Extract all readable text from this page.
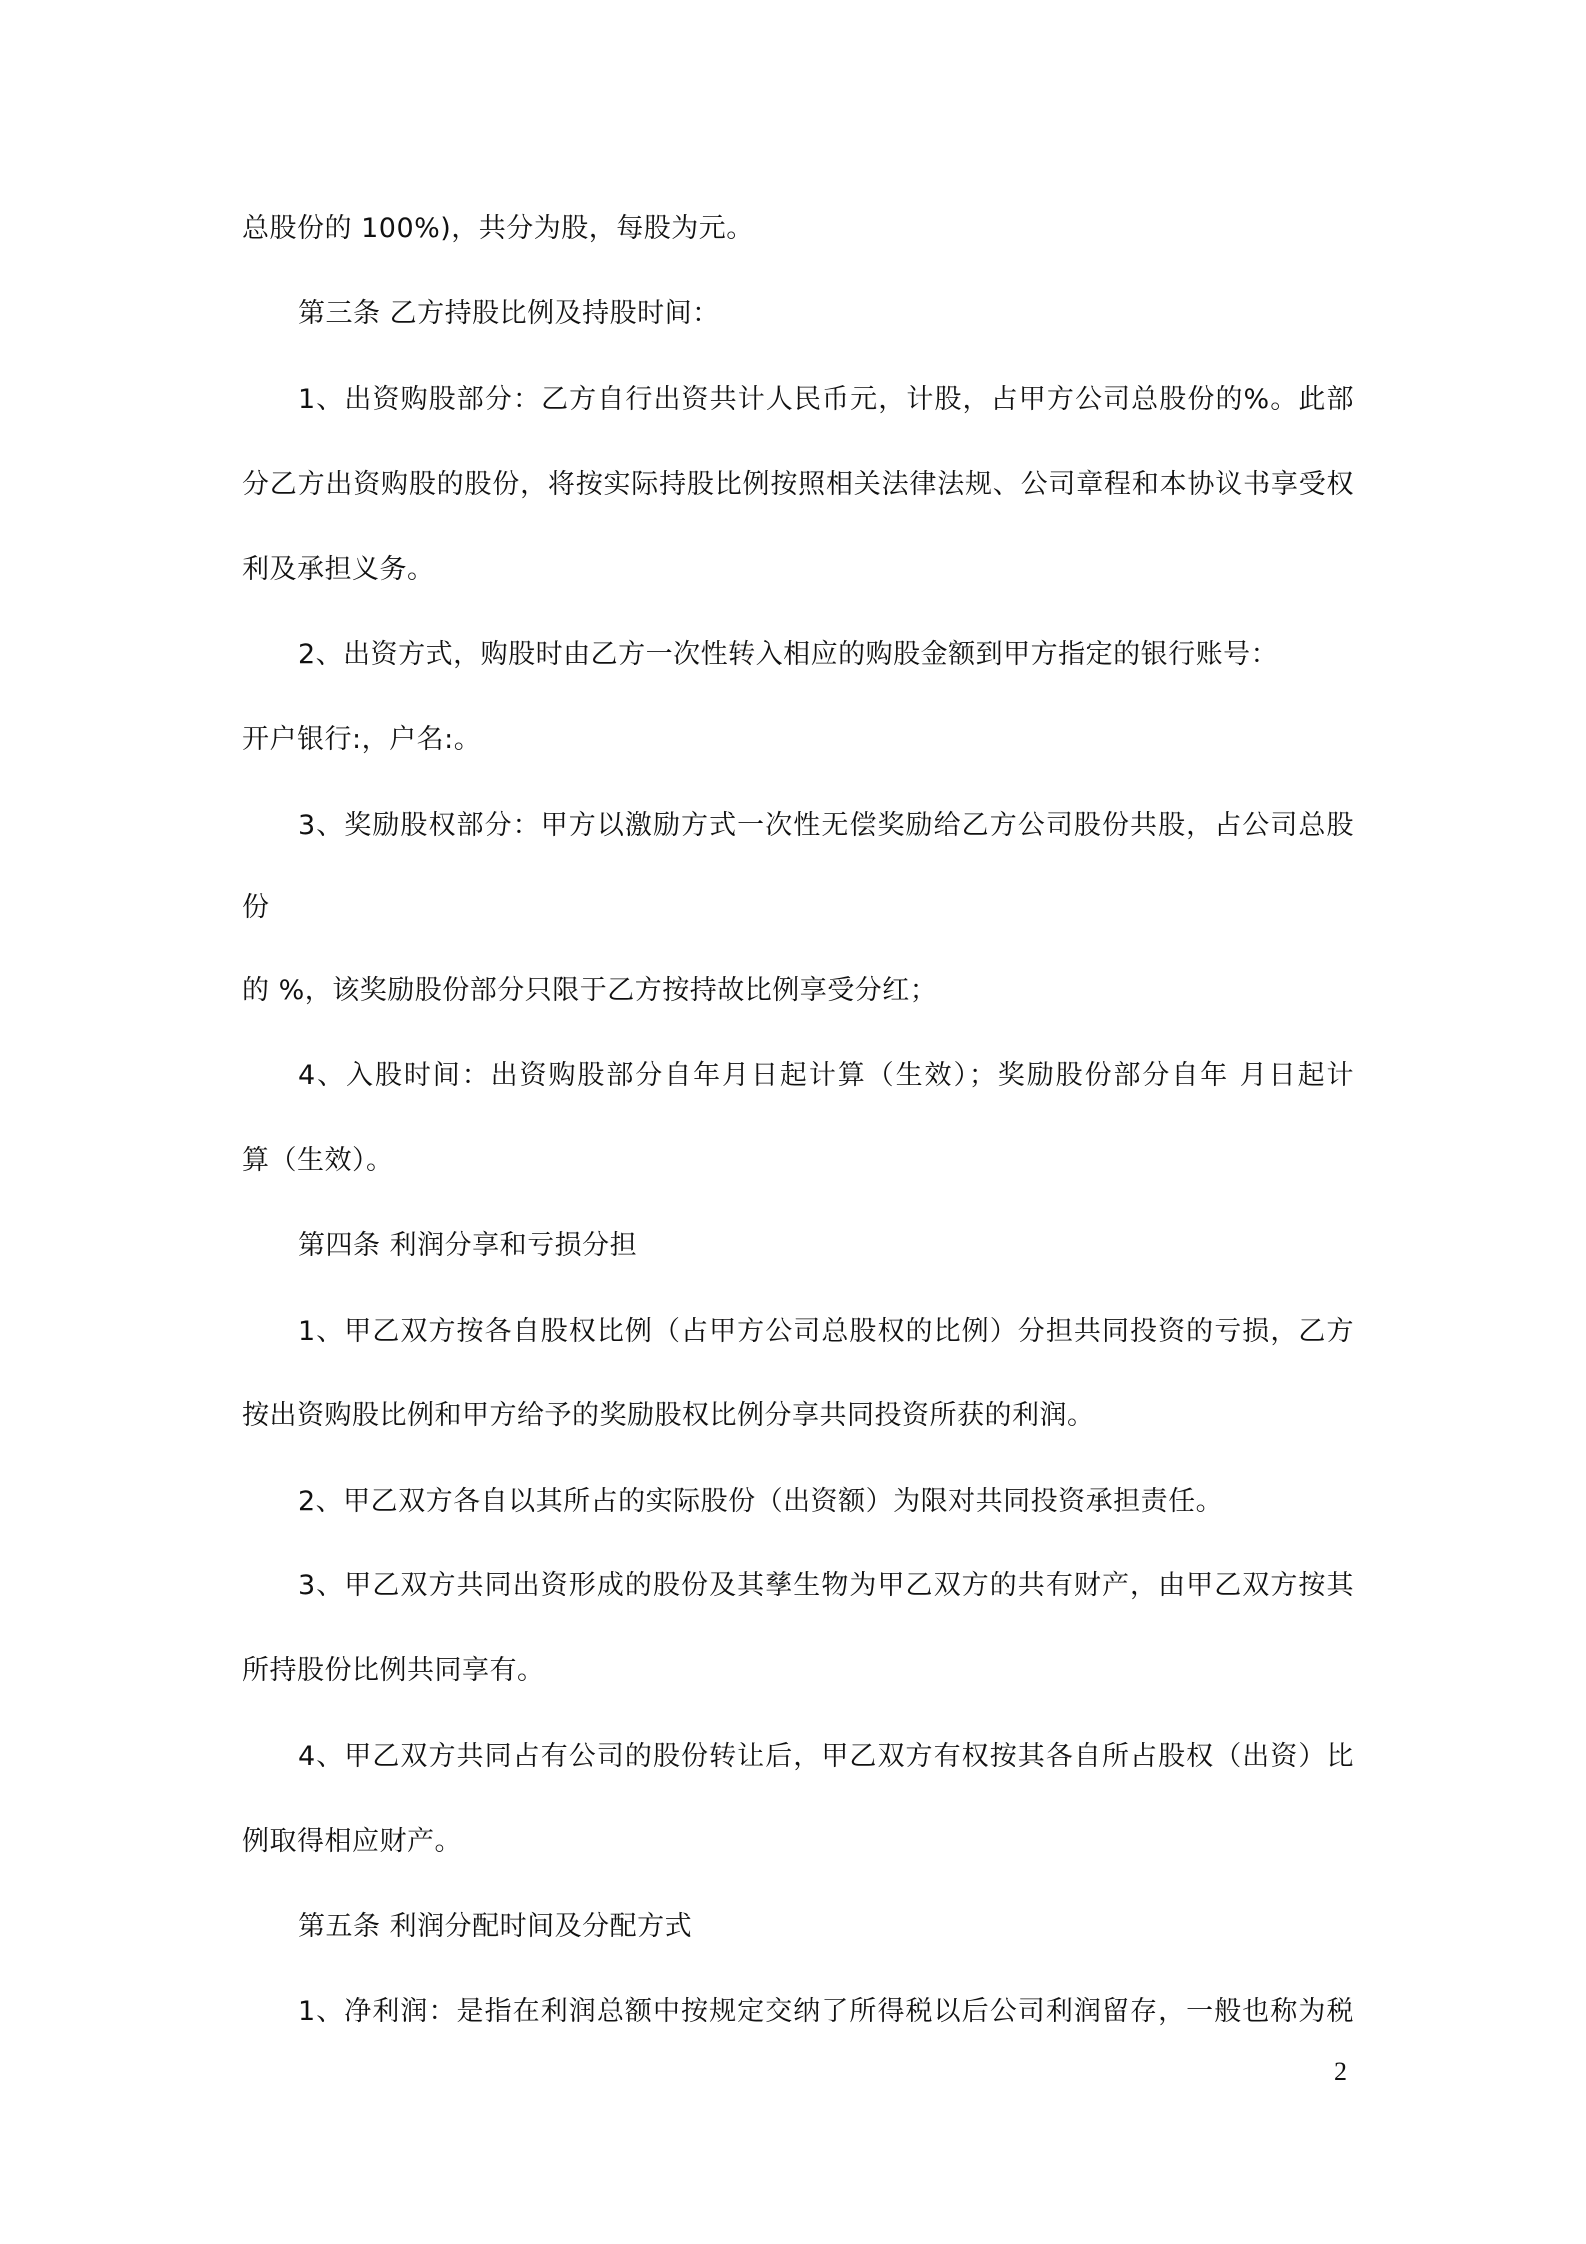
总股份的 100%)，共分为股，每股为元。
第三条 乙方持股比例及持股时间：
1、出资购股部分：乙方自行出资共计人民币元，计股，占甲方公司总股份的%。此部
分乙方出资购股的股份，将按实际持股比例按照相关法律法规、公司章程和本协议书享受权
利及承担义务。
2、出资方式，购股时由乙方一次性转入相应的购股金额到甲方指定的银行账号：
开户银行:，户名:。
3、奖励股权部分：甲方以激励方式一次性无偿奖励给乙方公司股份共股，占公司总股
份
的 %，该奖励股份部分只限于乙方按持故比例享受分红；
4、入股时间：出资购股部分自年月日起计算（生效）；奖励股份部分自年 月日起计
算（生效）。
第四条 利润分享和亏损分担
1、甲乙双方按各自股权比例（占甲方公司总股权的比例）分担共同投资的亏损，乙方
按出资购股比例和甲方给予的奖励股权比例分享共同投资所获的利润。
2、甲乙双方各自以其所占的实际股份（出资额）为限对共同投资承担责任。
3、甲乙双方共同出资形成的股份及其孳生物为甲乙双方的共有财产，由甲乙双方按其
所持股份比例共同享有。
4、甲乙双方共同占有公司的股份转让后，甲乙双方有权按其各自所占股权（出资）比
例取得相应财产。
第五条 利润分配时间及分配方式
1、净利润：是指在利润总额中按规定交纳了所得税以后公司利润留存，一般也称为税
2
